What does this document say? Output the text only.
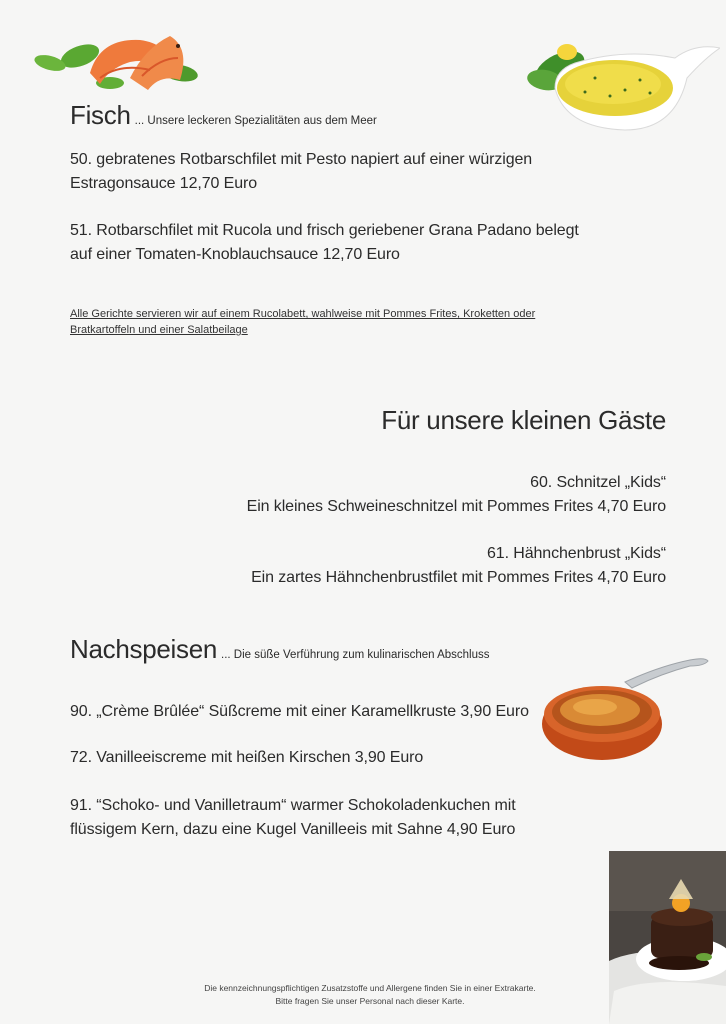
Fisch ... Unsere leckeren Spezialitäten aus dem Meer
50. gebratenes Rotbarschfilet mit Pesto napiert auf einer würzigen
Estragonsauce 12,70 Euro
51. Rotbarschfilet mit Rucola und frisch geriebener Grana Padano belegt
auf einer Tomaten-Knoblauchsauce 12,70 Euro
Alle Gerichte servieren wir auf einem Rucolabett, wahlweise mit Pommes Frites, Kroketten oder
Bratkartoffeln und einer Salatbeilage
Für unsere kleinen Gäste
60. Schnitzel „Kids“
Ein kleines Schweineschnitzel mit Pommes Frites 4,70 Euro
61. Hähnchenbrust „Kids“
Ein zartes Hähnchenbrustfilet mit Pommes Frites 4,70 Euro
Nachspeisen ... Die süße Verführung zum kulinarischen Abschluss
90. „Crème Brûlée“ Süßcreme mit einer Karamellkruste 3,90 Euro
72. Vanilleeiscreme mit heißen Kirschen 3,90 Euro
91. “Schoko- und Vanilletraum“ warmer Schokoladenkuchen mit
flüssigem Kern, dazu eine Kugel Vanilleeis mit Sahne 4,90 Euro
Die kennzeichnungspflichtigen Zusatzstoffe und Allergene finden Sie in einer Extrakarte.
Bitte fragen Sie unser Personal nach dieser Karte.
